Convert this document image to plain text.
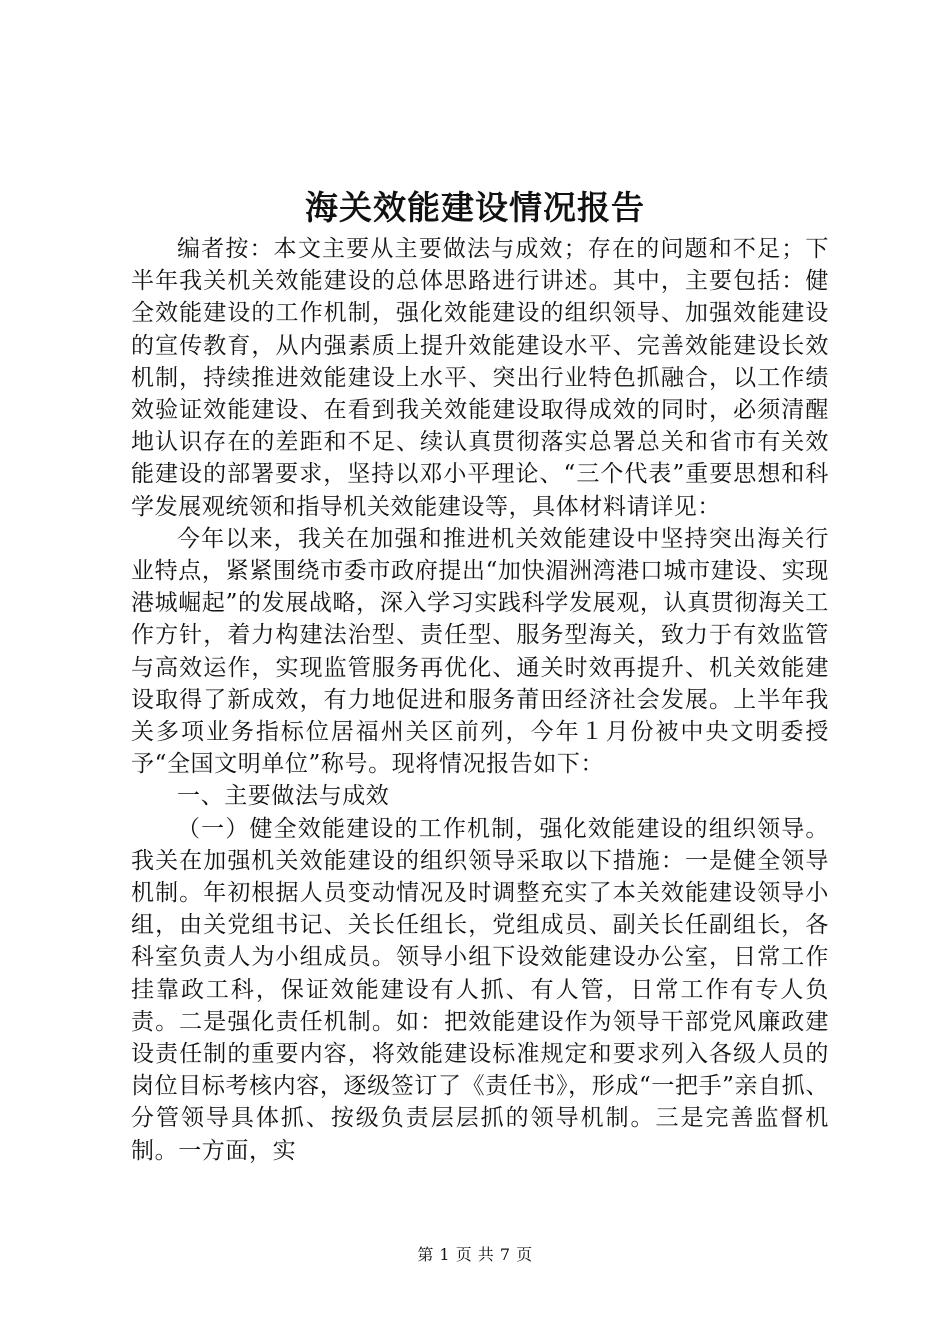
海关效能建设情况报告

编者按：本文主要从主要做法与成效；存在的问题和不足；下半年我关机关效能建设的总体思路进行讲述。其中，主要包括：健全效能建设的工作机制，强化效能建设的组织领导、加强效能建设的宣传教育，从内强素质上提升效能建设水平、完善效能建设长效机制，持续推进效能建设上水平、突出行业特色抓融合，以工作绩效验证效能建设、在看到我关效能建设取得成效的同时，必须清醒地认识存在的差距和不足、续认真贯彻落实总署总关和省市有关效能建设的部署要求，坚持以邓小平理论、“三个代表”重要思想和科学发展观统领和指导机关效能建设等，具体材料请详见：

今年以来，我关在加强和推进机关效能建设中坚持突出海关行业特点，紧紧围绕市委市政府提出“加快湄洲湾港口城市建设、实现港城崛起”的发展战略，深入学习实践科学发展观，认真贯彻海关工作方针，着力构建法治型、责任型、服务型海关，致力于有效监管与高效运作，实现监管服务再优化、通关时效再提升、机关效能建设取得了新成效，有力地促进和服务莆田经济社会发展。上半年我关多项业务指标位居福州关区前列，今年１月份被中央文明委授予“全国文明单位”称号。现将情况报告如下：

一、主要做法与成效

（一）健全效能建设的工作机制，强化效能建设的组织领导。我关在加强机关效能建设的组织领导采取以下措施：一是健全领导机制。年初根据人员变动情况及时调整充实了本关效能建设领导小组，由关党组书记、关长任组长，党组成员、副关长任副组长，各科室负责人为小组成员。领导小组下设效能建设办公室，日常工作挂靠政工科，保证效能建设有人抓、有人管，日常工作有专人负责。二是强化责任机制。如：把效能建设作为领导干部党风廉政建设责任制的重要内容，将效能建设标准规定和要求列入各级人员的岗位目标考核内容，逐级签订了《责任书》，形成“一把手”亲自抓、分管领导具体抓、按级负责层层抓的领导机制。三是完善监督机制。一方面，实

第 1 页 共 7 页
